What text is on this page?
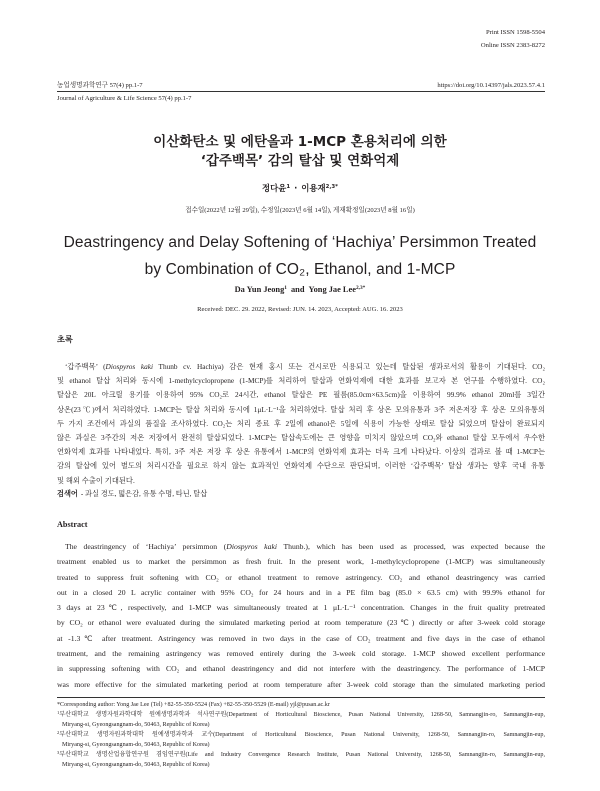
Print ISSN 1598-5504
Online ISSN 2383-8272
농업생명과학연구 57(4) pp.1-7	https://doi.org/10.14397/jals.2023.57.4.1
Journal of Agriculture & Life Science 57(4) pp.1-7
이산화탄소 및 에탄올과 1-MCP 혼용처리에 의한
‘갑주백목’ 감의 탈삽 및 연화억제
정다윤$^1$ · 이용재$^{2,3*}$
접수일(2022년 12월 29일), 수정일(2023년 6월 14일), 게재확정일(2023년 8월 16일)
Deastringency and Delay Softening of ‘Hachiya’ Persimmon Treated
by Combination of CO₂, Ethanol, and 1-MCP
Da Yun Jeong$^1$ and Yong Jae Lee$^{2,3*}$
Received: DEC. 29. 2022, Revised: JUN. 14. 2023, Accepted: AUG. 16. 2023
초록
‘갑주백목’ (Diospyros kaki Thunb cv. Hachiya) 감은 현재 홍시 또는 건시로만 식용되고 있는데 탈삽된 생과로서의 활용이 기대된다. CO₂
및 ethanol 탈삽 처리와 동시에 1-methylcyclopropene (1-MCP)를 처리하여 탈삽과 연화억제에 대한 효과를 보고자 본 연구를 수행하였다. CO₂
탈삽은 20L 아크릴 용기를 이용하여 95% CO₂로 24시간, ethanol 탈삽은 PE 필름(85.0cm×63.5cm)을 이용하여 99.9% ethanol 20ml를 3일간
상온(23℃)에서 처리하였다. 1-MCP는 탈삽 처리와 동시에 1μL·L⁻¹을 처리하였다. 탈삽 처리 후 상온 모의유통과 3주 저온저장 후 상온 모의유통의
두 가지 조건에서 과실의 품질을 조사하였다. CO₂는 처리 종료 후 2일에 ethanol은 5일에 식용이 가능한 상태로 탈삽 되었으며 탈삽이 완료되지
않은 과실은 3주간의 저온 저장에서 완전히 탈삽되었다. 1-MCP는 탈삽속도에는 큰 영향을 미치지 않았으며 CO₂와 ethanol 탈삽 모두에서 우수한
연화억제 효과를 나타내었다. 특히, 3주 저온 저장 후 상온 유통에서 1-MCP의 연화억제 효과는 더욱 크게 나타났다. 이상의 결과로 볼 때 1-MCP는
감의 탈삽에 있어 별도의 처리시간을 필요로 하지 않는 효과적인 연화억제 수단으로 판단되며, 이러한 ‘갑주백목’ 탈삽 생과는 향후 국내 유통
및 해외 수출이 기대된다.
검색어 - 과실 경도, 떫은감, 유통 수명, 타닌, 탈삽
Abstract
The deastringency of ‘Hachiya’ persimmon (Diospyros kaki Thunb.), which has been used as processed, was expected because the
treatment enabled us to market the persimmon as fresh fruit. In the present work, 1-methylcyclopropene (1-MCP) was simultaneously
treated to suppress fruit softening with CO₂ or ethanol treatment to remove astringency. CO₂ and ethanol deastringency was carried
out in a closed 20 L acrylic container with 95% CO₂ for 24 hours and in a PE film bag (85.0 × 63.5 cm) with 99.9% ethanol for
3 days at 23℃, respectively, and 1-MCP was simultaneously treated at 1 μL·L⁻¹ concentration. Changes in the fruit quality pretreated
by CO₂ or ethanol were evaluated during the simulated marketing period at room temperature (23℃) directly or after 3-week cold storage
at -1.3℃ after treatment. Astringency was removed in two days in the case of CO₂ treatment and five days in the case of ethanol
treatment, and the remaining astringency was removed entirely during the 3-week cold storage. 1-MCP showed excellent performance
in suppressing softening with CO₂ and ethanol deastringency and did not interfere with the deastringency. The performance of 1-MCP
was more effective for the simulated marketing period at room temperature after 3-week cold storage than the simulated marketing period
*Corresponding author: Yong Jae Lee (Tel) +82-55-350-5524 (Fax) +82-55-350-5529 (E-mail) yjl@pusan.ac.kr
$^1$부산대학교 생명자원과학대학 원예생명과학과 석사연구원(Department of Horticultural Bioscience, Pusan National University, 1268-50, Samnangjin-ro, Samnangjin-eup,
Miryang-si, Gyeongsangnam-do, 50463, Republic of Korea)
$^2$부산대학교 생명자원과학대학 원예생명과학과 교수(Department of Horticultural Bioscience, Pusan National University, 1268-50, Samnangjin-ro, Samnangjin-eup,
Miryang-si, Gyeongsangnam-do, 50463, Republic of Korea)
$^3$부산대학교 생명산업융합연구원 겸임연구원(Life and Industry Convergence Research Institute, Pusan National University, 1268-50, Samnangjin-ro, Samnangjin-eup,
Miryang-si, Gyeongsangnam-do, 50463, Republic of Korea)
